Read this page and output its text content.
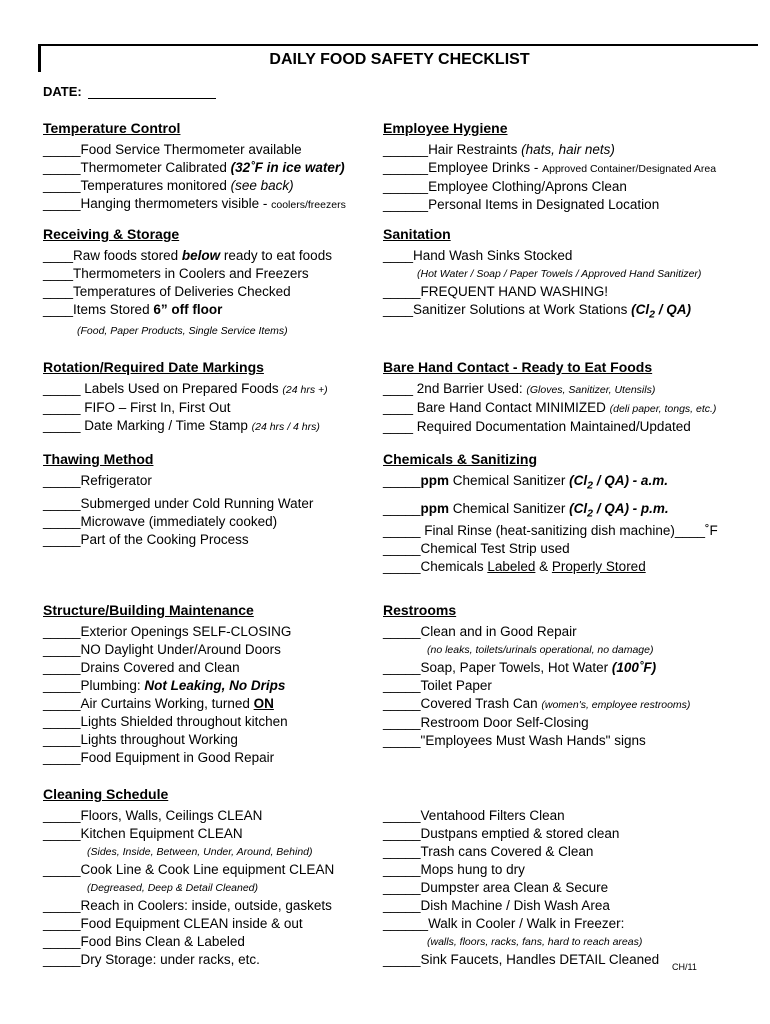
DAILY FOOD SAFETY CHECKLIST
DATE:
Temperature Control
_____Food Service Thermometer available
_____Thermometer Calibrated (32˚F in ice water)
_____Temperatures monitored (see back)
_____Hanging thermometers visible - coolers/freezers
Employee Hygiene
______Hair Restraints (hats, hair nets)
______Employee Drinks - Approved Container/Designated Area
______Employee Clothing/Aprons Clean
______Personal Items in Designated Location
Receiving & Storage
____Raw foods stored below ready to eat foods
____Thermometers in Coolers and Freezers
____Temperatures of Deliveries Checked
____Items Stored 6” off floor
(Food, Paper Products, Single Service Items)
Sanitation
____Hand Wash Sinks Stocked
(Hot Water / Soap / Paper Towels / Approved Hand Sanitizer)
_____FREQUENT HAND WASHING!
____Sanitizer Solutions at Work Stations $(Cl_2 / QA)$
Rotation/Required Date Markings
_____ Labels Used on Prepared Foods (24 hrs +)
_____ FIFO – First In, First Out
_____ Date Marking / Time Stamp (24 hrs / 4 hrs)
Bare Hand Contact - Ready to Eat Foods
____ 2nd Barrier Used: (Gloves, Sanitizer, Utensils)
____ Bare Hand Contact MINIMIZED (deli paper, tongs, etc.)
____ Required Documentation Maintained/Updated
Thawing Method
_____Refrigerator
_____Submerged under Cold Running Water
_____Microwave (immediately cooked)
_____Part of the Cooking Process
Chemicals & Sanitizing
_____ppm Chemical Sanitizer $(Cl_2 / QA) - a.m$.
_____ppm Chemical Sanitizer $(Cl_2 / QA) - p.m$.
_____ Final Rinse (heat-sanitizing dish machine)____˚F
_____Chemical Test Strip used
_____Chemicals Labeled & Properly Stored
Structure/Building Maintenance
_____Exterior Openings SELF-CLOSING
_____NO Daylight Under/Around Doors
_____Drains Covered and Clean
_____Plumbing: Not Leaking, No Drips
_____Air Curtains Working, turned ON
_____Lights Shielded throughout kitchen
_____Lights throughout Working
_____Food Equipment in Good Repair
Restrooms
_____Clean and in Good Repair
(no leaks, toilets/urinals operational, no damage)
_____Soap, Paper Towels, Hot Water (100˚F)
_____Toilet Paper
_____Covered Trash Can (women's, employee restrooms)
_____Restroom Door Self-Closing
_____"Employees Must Wash Hands" signs
Cleaning Schedule
_____Floors, Walls, Ceilings CLEAN
_____Kitchen Equipment CLEAN
(Sides, Inside, Between, Under, Around, Behind)
_____Cook Line & Cook Line equipment CLEAN
(Degreased, Deep & Detail Cleaned)
_____Reach in Coolers: inside, outside, gaskets
_____Food Equipment CLEAN inside & out
_____Food Bins Clean & Labeled
_____Dry Storage: under racks, etc.
_____Ventahood Filters Clean
_____Dustpans emptied & stored clean
_____Trash cans Covered & Clean
_____Mops hung to dry
_____Dumpster area Clean & Secure
_____Dish Machine / Dish Wash Area
______Walk in Cooler / Walk in Freezer:
(walls, floors, racks, fans, hard to reach areas)
_____Sink Faucets, Handles DETAIL Cleaned CH/11
